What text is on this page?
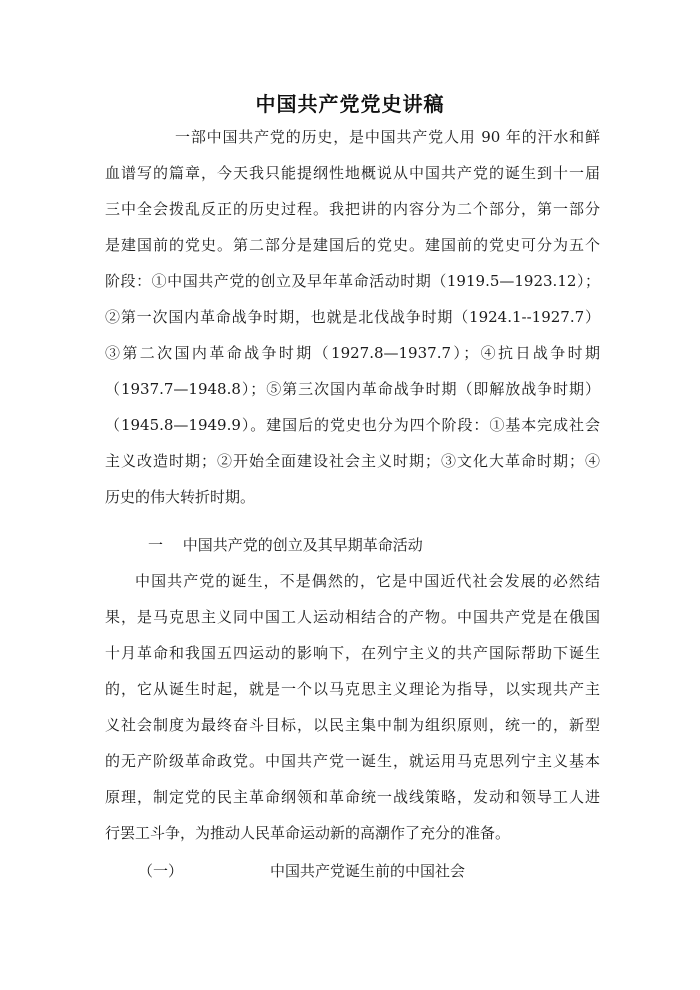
中国共产党党史讲稿
一部中国共产党的历史，是中国共产党人用 90 年的汗水和鲜
血谱写的篇章，今天我只能提纲性地概说从中国共产党的诞生到十一届
三中全会拨乱反正的历史过程。我把讲的内容分为二个部分，第一部分
是建国前的党史。第二部分是建国后的党史。建国前的党史可分为五个
阶段：①中国共产党的创立及早年革命活动时期（1919.5—1923.12）；
②第一次国内革命战争时期，也就是北伐战争时期（1924.1--1927.7）
③第二次国内革命战争时期（1927.8—1937.7）；④抗日战争时期
（1937.7—1948.8）；⑤第三次国内革命战争时期（即解放战争时期）
（1945.8—1949.9）。建国后的党史也分为四个阶段：①基本完成社会
主义改造时期；②开始全面建设社会主义时期；③文化大革命时期；④
历史的伟大转折时期。
一 中国共产党的创立及其早期革命活动
中国共产党的诞生，不是偶然的，它是中国近代社会发展的必然结
果，是马克思主义同中国工人运动相结合的产物。中国共产党是在俄国
十月革命和我国五四运动的影响下，在列宁主义的共产国际帮助下诞生
的，它从诞生时起，就是一个以马克思主义理论为指导，以实现共产主
义社会制度为最终奋斗目标，以民主集中制为组织原则，统一的，新型
的无产阶级革命政党。中国共产党一诞生，就运用马克思列宁主义基本
原理，制定党的民主革命纲领和革命统一战线策略，发动和领导工人进
行罢工斗争，为推动人民革命运动新的高潮作了充分的准备。
（一）	中国共产党诞生前的中国社会
